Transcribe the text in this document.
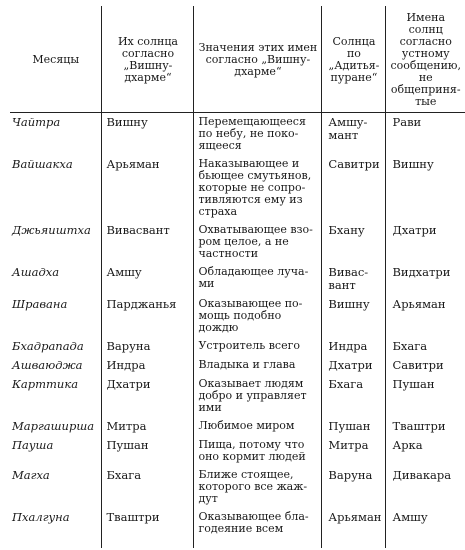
Месяцы	Их солнца согласно „Вишну-дхарме“	Значения этих имен согласно „Вишну-дхарме“	Солнца по „Адитья-пуране“	Имена солнц согласно устному сообщению, не общеприня-тые
Чайтра	Вишну	Перемещающееся
по небу, не поко-
ящееся	Амшу-
мант	Рави
Вайшакха	Арьяман	Наказывающее и
бьющее смутьянов,
которые не сопро-
тивляются ему из
страха	Савитри	Вишну
Джьяиштха	Вивасвант	Охватывающее взо-
ром целое, а не
частности	Бхану	Дхатри
Ашадха	Амшу	Обладающее луча-
ми	Вивас-
вант	Видхатри
Шравана	Парджанья	Оказывающее по-
мощь подобно
дождю	Вишну	Арьяман
Бхадрапада	Варуна	Устроитель всего	Индра	Бхага
Ашваюджа	Индра	Владыка и глава	Дхатри	Савитри
Карттика	Дхатри	Оказывает людям
добро и управляет
ими	Бхага	Пушан
Маргаширша	Митра	Любимое миром	Пушан	Тваштри
Пауша	Пушан	Пища, потому что
оно кормит людей	Митра	Арка
Магха	Бхага	Ближе стоящее,
которого все жаж-
дут	Варуна	Дивакара
Пхалгуна	Тваштри	Оказывающее бла-
годеяние всем	Арьяман	Амшу
